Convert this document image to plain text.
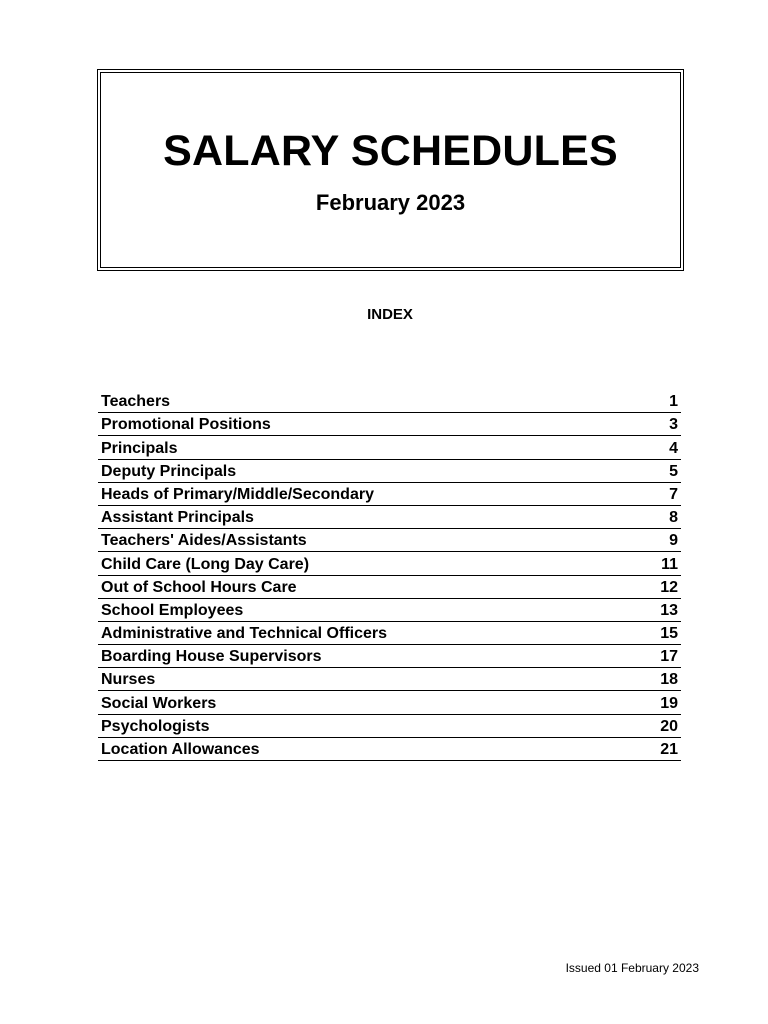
SALARY SCHEDULES
February 2023
INDEX
Teachers	1
Promotional Positions	3
Principals	4
Deputy Principals	5
Heads of Primary/Middle/Secondary	7
Assistant Principals	8
Teachers' Aides/Assistants	9
Child Care (Long Day Care)	11
Out of School Hours Care	12
School Employees	13
Administrative and Technical Officers	15
Boarding House Supervisors	17
Nurses	18
Social Workers	19
Psychologists	20
Location Allowances	21
Issued 01 February 2023
